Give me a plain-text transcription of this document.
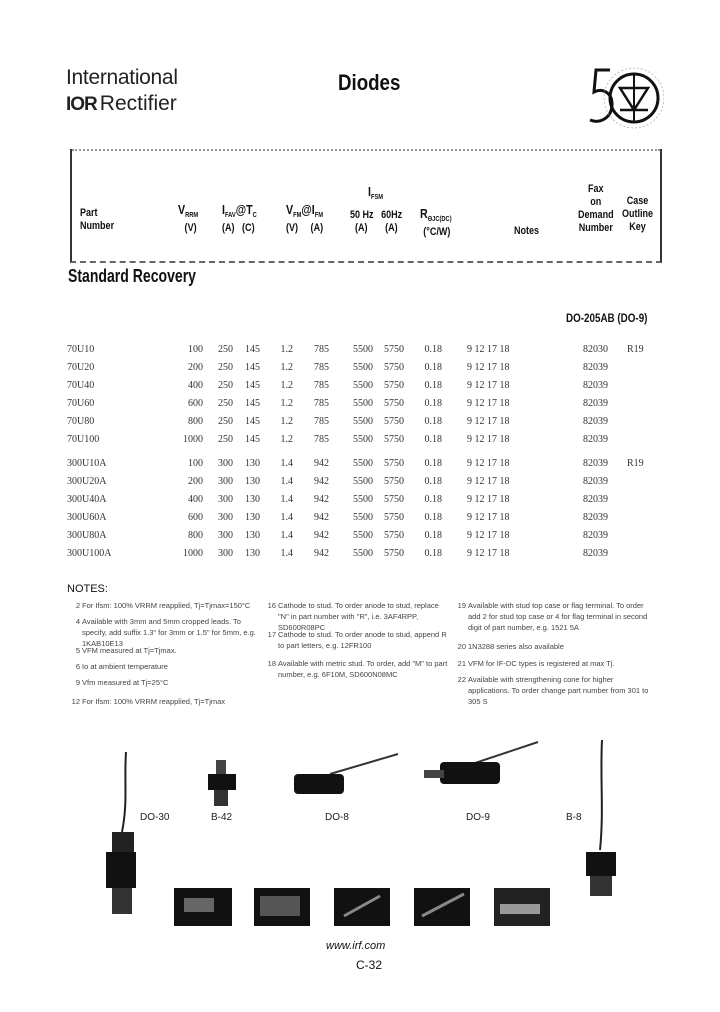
International
IOR Rectifier
Diodes
Part
Number
$V_{RRM}$
(V)
$I_{FAV}@T_C$
(A) (C)
$V_{FM}@I_{FM}$
(V) (A)
$I_{FSM}$
50 Hz 60Hz
(A) (A)
$R_{\Theta JC(DC)}$
(°C/W)	Notes
Fax
on
Demand
Number
Case
Outline
Key
Standard Recovery
DO-205AB (DO-9)
70U10	100 250 145 1.2 785 5500 5750 0.18	9 12 17 18	82030 R19
70U20	200 250 145 1.2 785 5500 5750 0.18	9 12 17 18	82039
70U40	400 250 145 1.2 785 5500 5750 0.18	9 12 17 18	82039
70U60	600 250 145 1.2 785 5500 5750 0.18	9 12 17 18	82039
70U80	800 250 145 1.2 785 5500 5750 0.18	9 12 17 18	82039
70U100	1000 250 145 1.2 785 5500 5750 0.18	9 12 17 18	82039
300U10A	100 300 130 1.4 942 5500 5750 0.18	9 12 17 18	82039 R19
300U20A	200 300 130 1.4 942 5500 5750 0.18	9 12 17 18	82039
300U40A	400 300 130 1.4 942 5500 5750 0.18	9 12 17 18	82039
300U60A	600 300 130 1.4 942 5500 5750 0.18	9 12 17 18	82039
300U80A	800 300 130 1.4 942 5500 5750 0.18	9 12 17 18	82039
300U100A	1000 300 130 1.4 942 5500 5750 0.18	9 12 17 18	82039
NOTES:
2 For Ifsm: 100% VRRM reapplied, Tj=Tjmax=150°C
4 Available with 3mm and 5mm cropped leads. To specify, add suffix 1.3" for 3mm or 1.5" for 5mm, e.g. 1KAB10E13
5 VFM measured at Tj=Tjmax.
6 Io at ambient temperature
9 Vfm measured at Tj=25°C
12 For Ifsm: 100% VRRM reapplied, Tj=Tjmax
16 Cathode to stud. To order anode to stud, replace "N" in part number with "R", i.e. 3AF4RPP, SD600R08PC
17 Cathode to stud. To order anode to stud, append R to part letters, e.g. 12FR100
18 Available with metric stud. To order, add "M" to part number, e.g. 6F10M, SD600N08MC
19 Available with stud top case or flag terminal. To order add 2 for stud top case or 4 for flag terminal in second digit of part number, e.g. 1521 5A
20 1N3288 series also available
21 VFM for IF-DC types is registered at max Tj.
22 Available with strengthening cone for higher applications. To order change part number from 301 to 305 S
DO-30	B-42	DO-8	DO-9	B-8
www.irf.com
C-32
